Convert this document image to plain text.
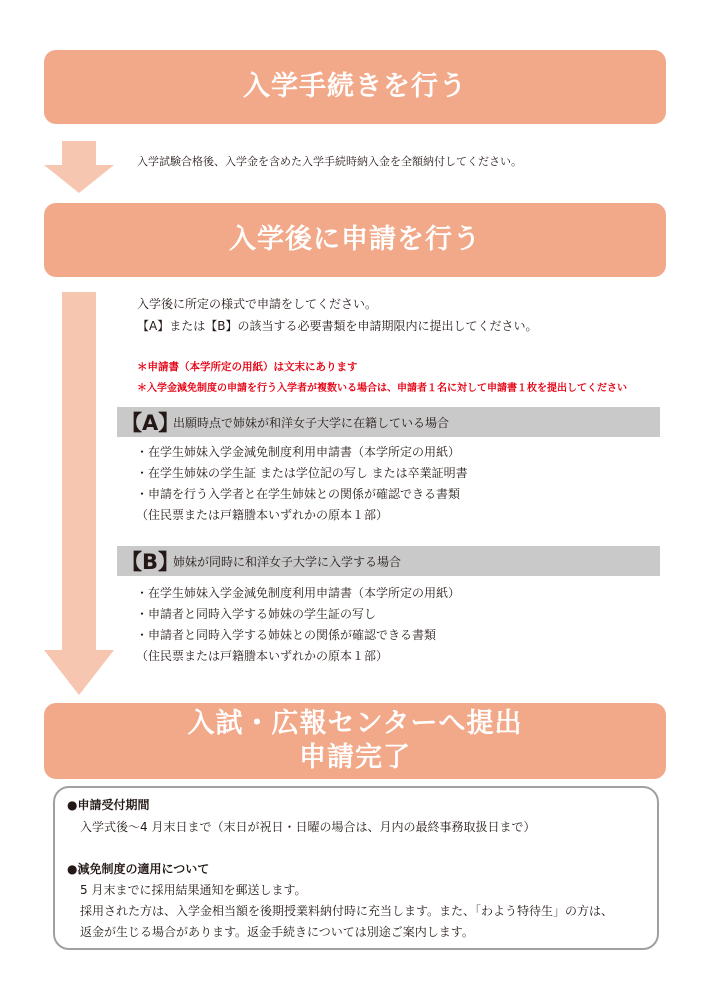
入学手続きを行う
入学試験合格後、入学金を含めた入学手続時納入金を全額納付してください。
入学後に申請を行う
入学後に所定の様式で申請をしてください。
【A】または【B】の該当する必要書類を申請期限内に提出してください。
＊申請書（本学所定の用紙）は文末にあります
＊入学金減免制度の申請を行う入学者が複数いる場合は、申請者１名に対して申請書１枚を提出してください
【A】
出願時点で姉妹が和洋女子大学に在籍している場合
・在学生姉妹入学金減免制度利用申請書（本学所定の用紙）
・在学生姉妹の学生証 または学位記の写し または卒業証明書
・申請を行う入学者と在学生姉妹との関係が確認できる書類
（住民票または戸籍謄本いずれかの原本１部）
【B】
姉妹が同時に和洋女子大学に入学する場合
・在学生姉妹入学金減免制度利用申請書（本学所定の用紙）
・申請者と同時入学する姉妹の学生証の写し
・申請者と同時入学する姉妹との関係が確認できる書類
（住民票または戸籍謄本いずれかの原本１部）
入試・広報センターへ提出
申請完了
●申請受付期間
入学式後～4 月末日まで（末日が祝日・日曜の場合は、月内の最終事務取扱日まで）
●減免制度の適用について
5 月末までに採用結果通知を郵送します。
採用された方は、入学金相当額を後期授業料納付時に充当します。また、「わよう特待生」の方は、
返金が生じる場合があります。返金手続きについては別途ご案内します。
